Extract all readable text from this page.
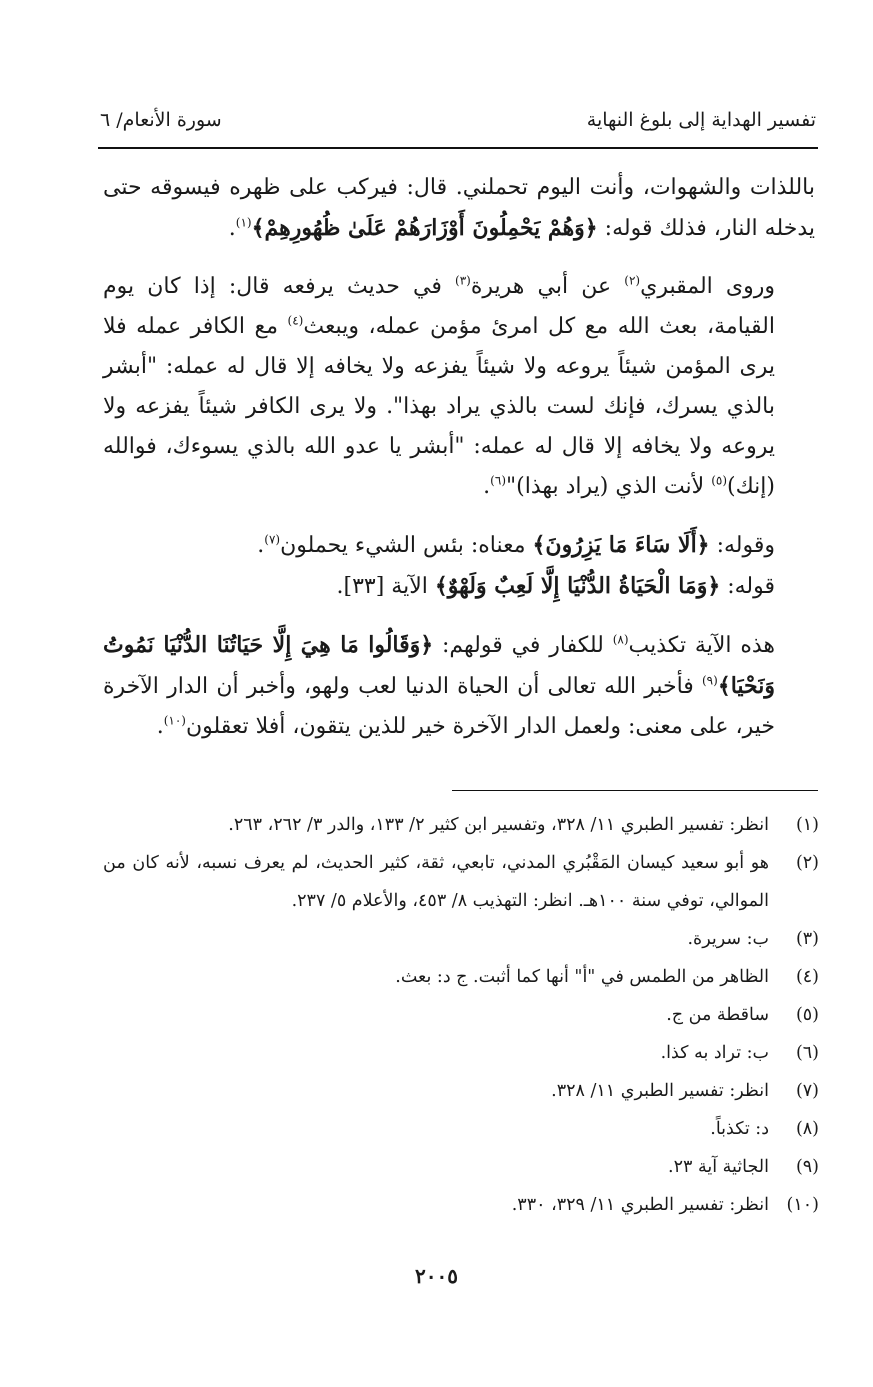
تفسير الهداية إلى بلوغ النهاية
سورة الأنعام/ ٦

باللذات والشهوات، وأنت اليوم تحملني. قال: فيركب على ظهره فيسوقه حتى يدخله النار، فذلك قوله: ﴿وَهُمْ يَحْمِلُونَ أَوْزَارَهُمْ عَلَىٰ ظُهُورِهِمْ﴾$^{(١)}$.

وروى المقبري$^{(٢)}$ عن أبي هريرة$^{(٣)}$ في حديث يرفعه قال: إذا كان يوم القيامة، بعث الله مع كل امرئ مؤمن عمله، ويبعث$^{(٤)}$ مع الكافر عمله فلا يرى المؤمن شيئاً يروعه ولا شيئاً يفزعه ولا يخافه إلا قال له عمله: "أبشر بالذي يسرك، فإنك لست بالذي يراد بهذا". ولا يرى الكافر شيئاً يفزعه ولا يروعه ولا يخافه إلا قال له عمله: "أبشر يا عدو الله بالذي يسوءك، فوالله (إنك)$^{(٥)}$ لأنت الذي (يراد بهذا)"$^{(٦)}$.

وقوله: ﴿أَلَا سَاءَ مَا يَزِرُونَ﴾ معناه: بئس الشيء يحملون$^{(٧)}$.

قوله: ﴿وَمَا الْحَيَاةُ الدُّنْيَا إِلَّا لَعِبٌ وَلَهْوٌ﴾ الآية [٣٣].

هذه الآية تكذيب$^{(٨)}$ للكفار في قولهم: ﴿وَقَالُوا مَا هِيَ إِلَّا حَيَاتُنَا الدُّنْيَا نَمُوتُ وَنَحْيَا﴾$^{(٩)}$ فأخبر الله تعالى أن الحياة الدنيا لعب ولهو، وأخبر أن الدار الآخرة خير، على معنى: ولعمل الدار الآخرة خير للذين يتقون، أفلا تعقلون$^{(١٠)}$.

(١)
انظر: تفسير الطبري ١١/ ٣٢٨، وتفسير ابن كثير ٢/ ١٣٣، والدر ٣/ ٢٦٢، ٢٦٣.
(٢)
هو أبو سعيد كيسان المَقْبُري المدني، تابعي، ثقة، كثير الحديث، لم يعرف نسبه، لأنه كان من الموالي، توفي سنة ١٠٠هـ. انظر: التهذيب ٨/ ٤٥٣، والأعلام ٥/ ٢٣٧.
(٣)
ب: سريرة.
(٤)
الظاهر من الطمس في "أ" أنها كما أثبت. ج د: بعث.
(٥)
ساقطة من ج.
(٦)
ب: تراد به كذا.
(٧)
انظر: تفسير الطبري ١١/ ٣٢٨.
(٨)
د: تكذباً.
(٩)
الجاثية آية ٢٣.
(١٠)
انظر: تفسير الطبري ١١/ ٣٢٩، ٣٣٠.
٢٠٠٥
